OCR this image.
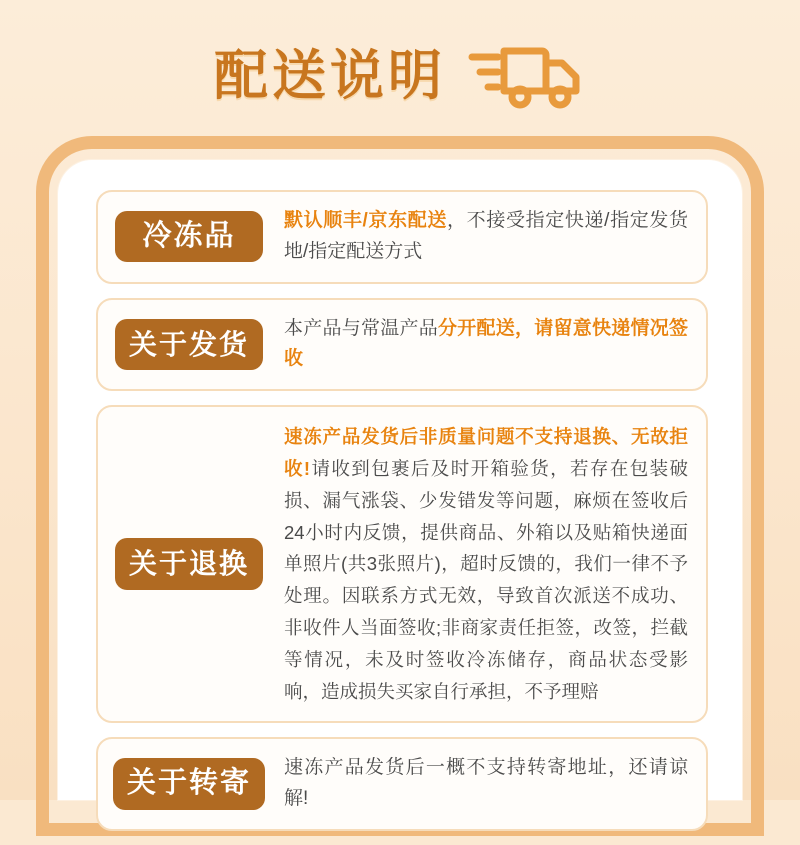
配送说明
冷冻品	默认顺丰/京东配送，不接受指定快递/指定发货地/指定配送方式
关于 发货
本产品与常温产品分开配送，请留意快递情况签收
关于 退换
速冻产品发货后非质量问题不支持退换、无故拒收!请收到包裹后及时开箱验货，若存在包装破损、漏气涨袋、少发错发等问题，麻烦在签收后24小时内反馈，提供商品、外箱以及贴箱快递面单照片(共3张照片)，超时反馈的，我们一律不予处理。因联系方式无效，导致首次派送不成功、非收件人当面签收;非商家责任拒签，改签，拦截等情况，未及时签收冷冻储存，商品状态受影响，造成损失买家自行承担，不予理赔
关于转寄	速冻产品发货后一概不支持转寄地址，还请谅解!
